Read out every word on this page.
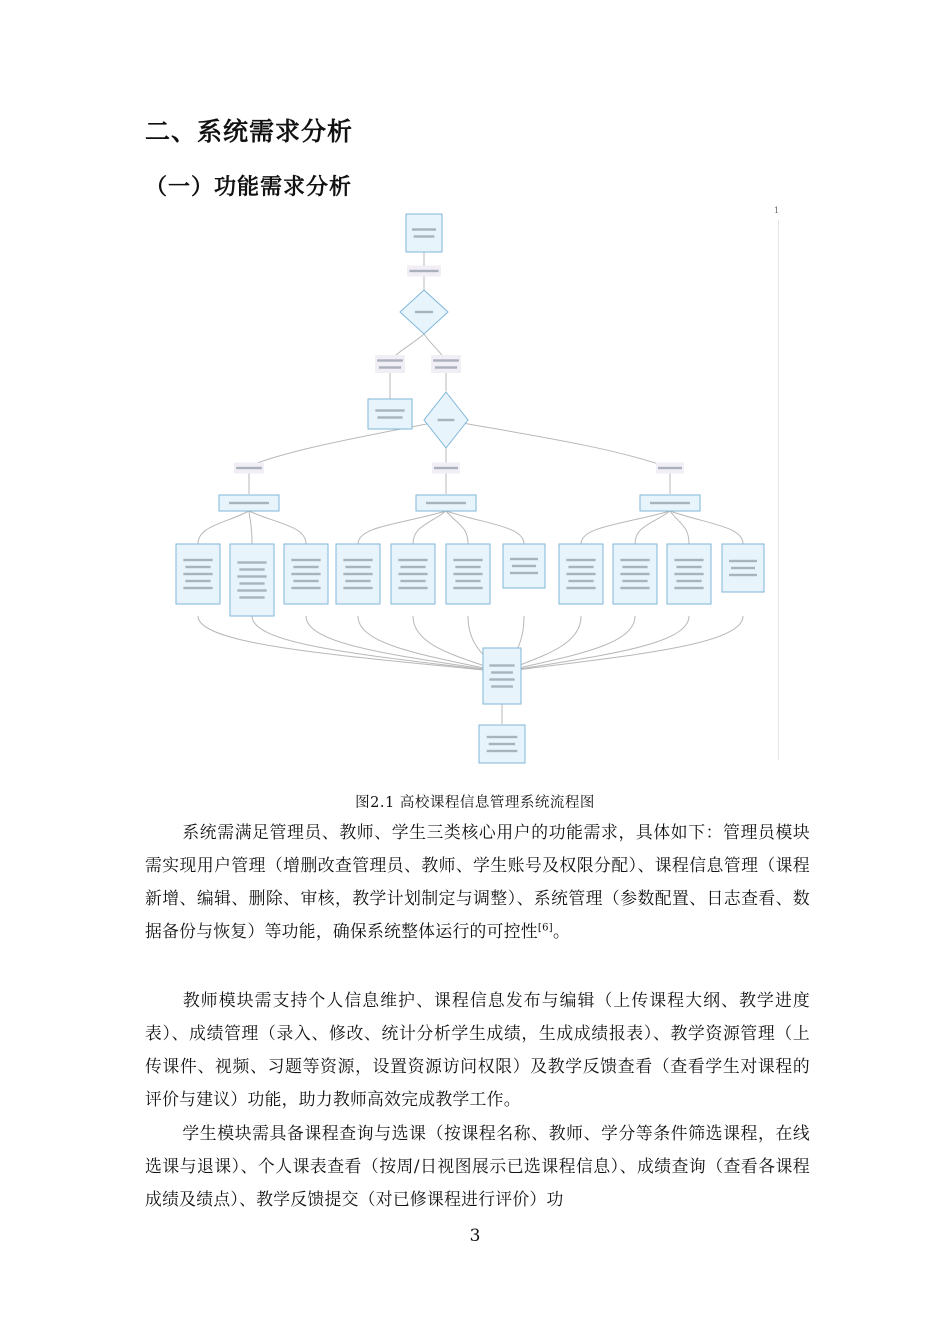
二、系统需求分析
（一）功能需求分析
1
图2.1 高校课程信息管理系统流程图
系统需满足管理员、教师、学生三类核心用户的功能需求，具体如下：管理员模块需实现用户管理（增删改查管理员、教师、学生账号及权限分配）、课程信息管理（课程新增、编辑、删除、审核，教学计划制定与调整）、系统管理（参数配置、日志查看、数据备份与恢复）等功能，确保系统整体运行的可控性[6]。
教师模块需支持个人信息维护、课程信息发布与编辑（上传课程大纲、教学进度表）、成绩管理（录入、修改、统计分析学生成绩，生成成绩报表）、教学资源管理（上传课件、视频、习题等资源，设置资源访问权限）及教学反馈查看（查看学生对课程的评价与建议）功能，助力教师高效完成教学工作。
学生模块需具备课程查询与选课（按课程名称、教师、学分等条件筛选课程，在线选课与退课）、个人课表查看（按周/日视图展示已选课程信息）、成绩查询（查看各课程成绩及绩点）、教学反馈提交（对已修课程进行评价）功
3
